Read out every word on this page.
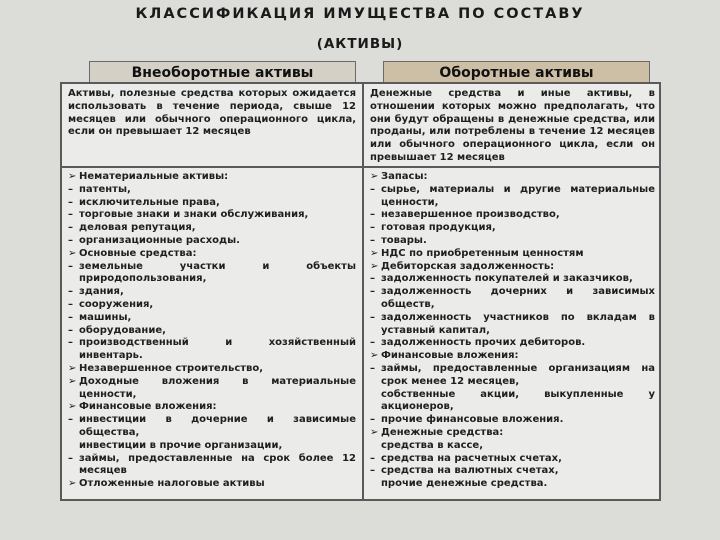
КЛАССИФИКАЦИЯ ИМУЩЕСТВА ПО СОСТАВУ
(АКТИВЫ)
Внеоборотные активы	Оборотные активы
Активы, полезные средства которых ожидается использовать в течение периода, свыше 12 месяцев или обычного операционного цикла, если он превышает 12 месяцев
Денежные средства и иные активы, в отношении которых можно предполагать, что они будут обращены в денежные средства, или проданы, или потреблены в течение 12 месяцев или обычного операционного цикла, если он превышает 12 месяцев
➢ Нематериальные активы:
– патенты,
– исключительные права,
– торговые знаки и знаки обслуживания,
– деловая репутация,
– организационные расходы.
➢ Основные средства:
– земельные участки и объекты природопользования,
– здания,
– сооружения,
– машины,
– оборудование,
– производственный и хозяйственный инвентарь.
➢ Незавершенное строительство,
➢ Доходные вложения в материальные ценности,
➢ Финансовые вложения:
– инвестиции в дочерние и зависимые общества,
инвестиции в прочие организации,
– займы, предоставленные на срок более 12 месяцев
➢ Отложенные налоговые активы
➢ Запасы:
– сырье, материалы и другие материальные ценности,
– незавершенное производство,
– готовая продукция,
– товары.
➢ НДС по приобретенным ценностям
➢ Дебиторская задолженность:
– задолженность покупателей и заказчиков,
– задолженность дочерних и зависимых обществ,
– задолженность участников по вкладам в уставный капитал,
– задолженность прочих дебиторов.
➢ Финансовые вложения:
– займы, предоставленные организациям на срок менее 12 месяцев,
собственные акции, выкупленные у акционеров,
– прочие финансовые вложения.
➢ Денежные средства:
средства в кассе,
– средства на расчетных счетах,
– средства на валютных счетах,
прочие денежные средства.
